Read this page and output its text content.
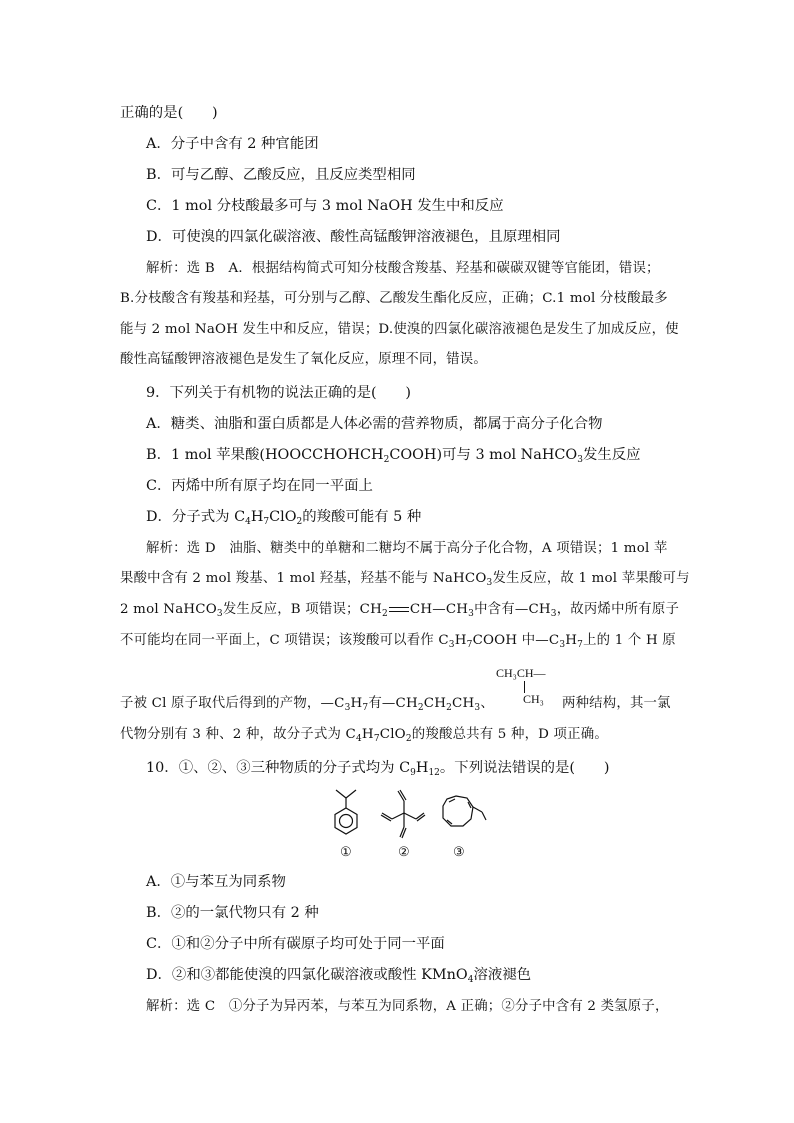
正确的是(　　)
A．分子中含有 2 种官能团
B．可与乙醇、乙酸反应，且反应类型相同
C．1 mol 分枝酸最多可与 3 mol NaOH 发生中和反应
D．可使溴的四氯化碳溶液、酸性高锰酸钾溶液褪色，且原理相同
解析：选 B　A．根据结构简式可知分枝酸含羧基、羟基和碳碳双键等官能团，错误；
B.分枝酸含有羧基和羟基，可分别与乙醇、乙酸发生酯化反应，正确；C.1 mol 分枝酸最多
能与 2 mol NaOH 发生中和反应，错误；D.使溴的四氯化碳溶液褪色是发生了加成反应，使
酸性高锰酸钾溶液褪色是发生了氧化反应，原理不同，错误。
9．下列关于有机物的说法正确的是(　　)
A．糖类、油脂和蛋白质都是人体必需的营养物质，都属于高分子化合物
B．1 mol 苹果酸$(HOOCCHOHCH_2COOH)$可与 3 mol NaHCO$_3$发生反应
C．丙烯中所有原子均在同一平面上
D．分子式为 $C_4H_7ClO_2$的羧酸可能有 5 种
解析：选 D　油脂、糖类中的单糖和二糖均不属于高分子化合物，A 项错误；1 mol 苹
果酸中含有 2 mol 羧基、1 mol 羟基，羟基不能与 NaHCO$_3$发生反应，故 1 mol 苹果酸可与
2 mol NaHCO$_3$发生反应，B 项错误；$CH_2$ $CH—CH_3$中含有$—CH_3$，故丙烯中所有原子
不可能均在同一平面上，C 项错误；该羧酸可以看作 $C_3H_7COOH$ 中$—C_3H_7$上的 1 个 H 原
CH₃CH—
CH₃
子被 Cl 原子取代后得到的产物，$—C_3H_7$有$—CH_2CH_2CH_3$、	两种结构，其一氯
代物分别有 3 种、2 种，故分子式为 $C_4H_7ClO_2$的羧酸总共有 5 种，D 项正确。
10．①、②、③三种物质的分子式均为 $C_9H_{12}$。下列说法错误的是(　　)
①	②	③
A．①与苯互为同系物
B．②的一氯代物只有 2 种
C．①和②分子中所有碳原子均可处于同一平面
D．②和③都能使溴的四氯化碳溶液或酸性 KMnO$_4$溶液褪色
解析：选 C　①分子为异丙苯，与苯互为同系物，A 正确；②分子中含有 2 类氢原子，
